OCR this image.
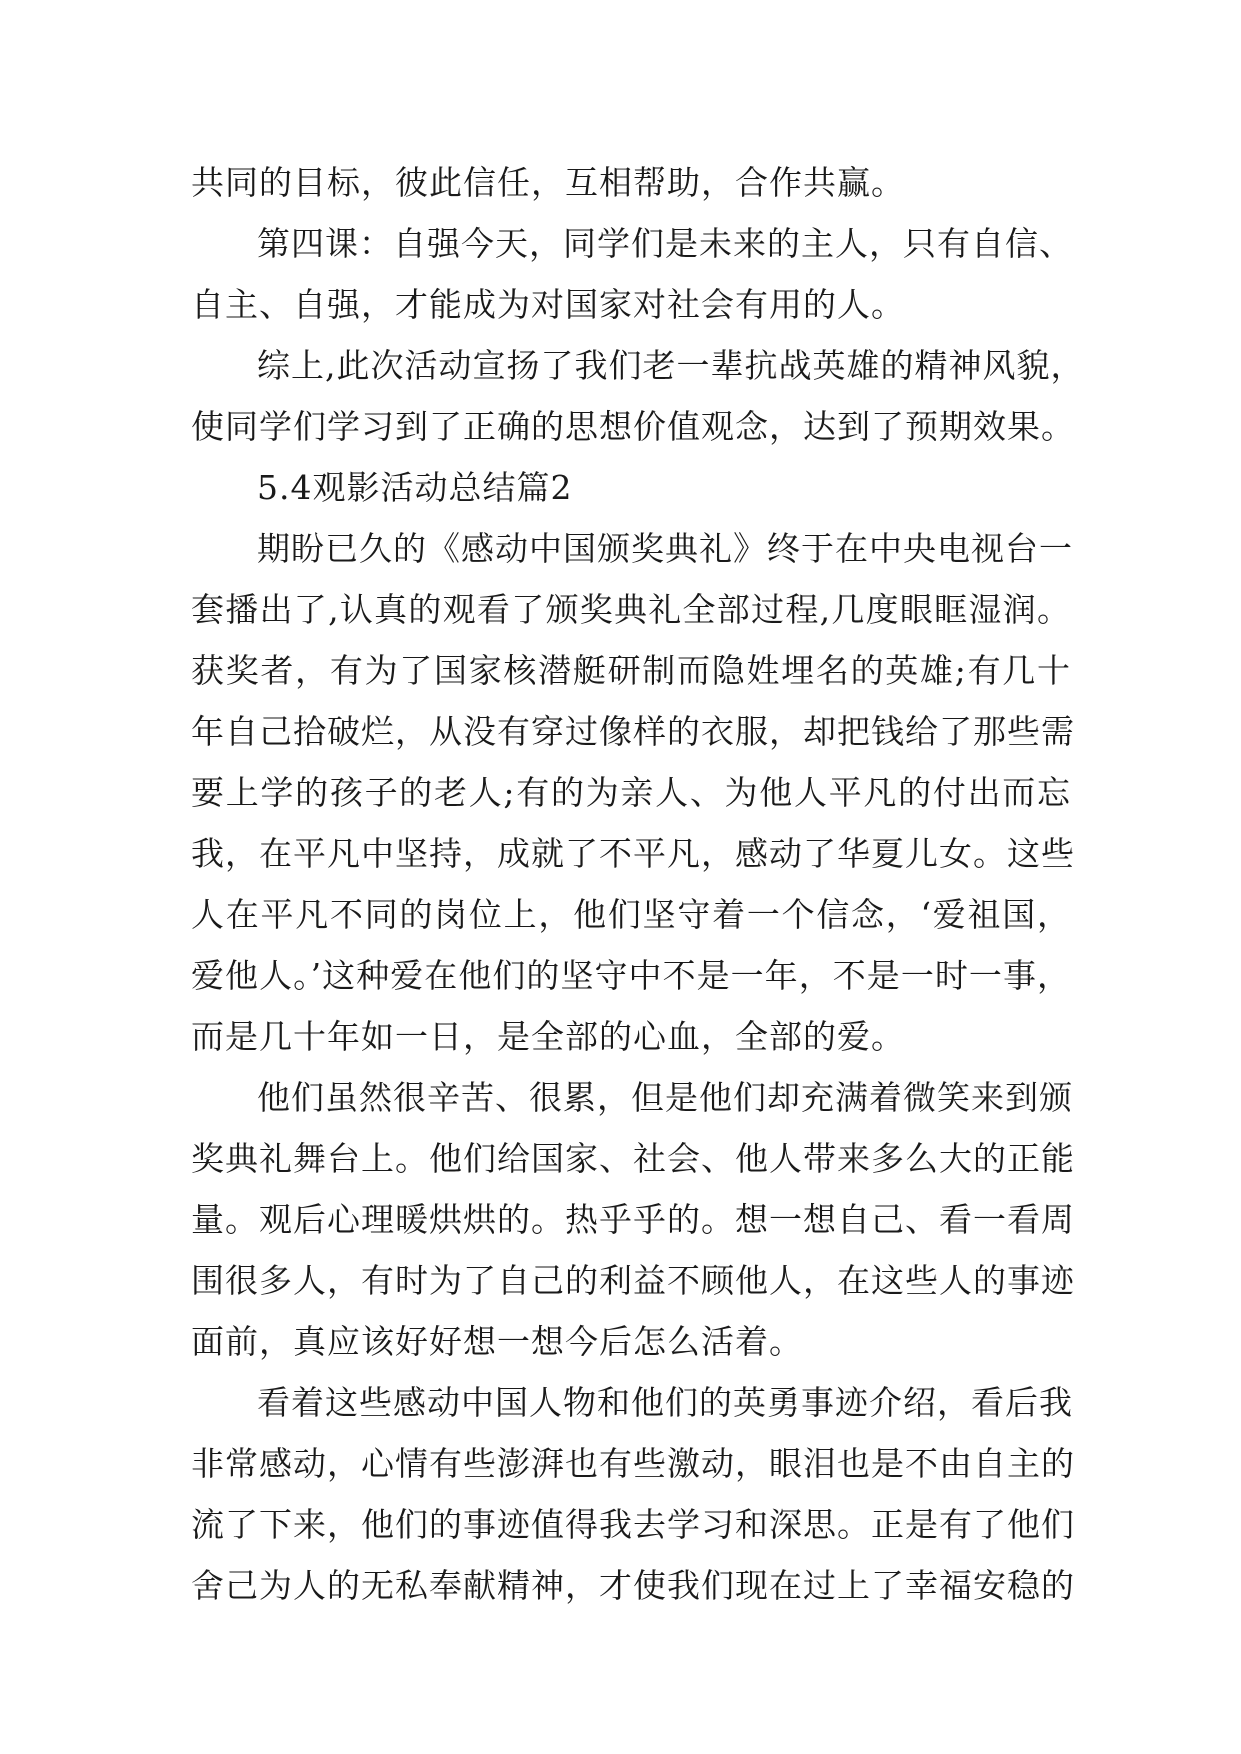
共同的目标，彼此信任，互相帮助，合作共赢。
第四课：自强今天，同学们是未来的主人，只有自信、
自主、自强，才能成为对国家对社会有用的人。
综上,此次活动宣扬了我们老一辈抗战英雄的精神风貌，
使同学们学习到了正确的思想价值观念，达到了预期效果。
5.4观影活动总结篇2
期盼已久的《感动中国颁奖典礼》终于在中央电视台一
套播出了,认真的观看了颁奖典礼全部过程,几度眼眶湿润。
获奖者，有为了国家核潜艇研制而隐姓埋名的英雄;有几十
年自己拾破烂，从没有穿过像样的衣服，却把钱给了那些需
要上学的孩子的老人;有的为亲人、为他人平凡的付出而忘
我，在平凡中坚持，成就了不平凡，感动了华夏儿女。这些
人在平凡不同的岗位上，他们坚守着一个信念，‘爱祖国，
爱他人。’这种爱在他们的坚守中不是一年，不是一时一事，
而是几十年如一日，是全部的心血，全部的爱。
他们虽然很辛苦、很累，但是他们却充满着微笑来到颁
奖典礼舞台上。他们给国家、社会、他人带来多么大的正能
量。观后心理暖烘烘的。热乎乎的。想一想自己、看一看周
围很多人，有时为了自己的利益不顾他人，在这些人的事迹
面前，真应该好好想一想今后怎么活着。
看着这些感动中国人物和他们的英勇事迹介绍，看后我
非常感动，心情有些澎湃也有些激动，眼泪也是不由自主的
流了下来，他们的事迹值得我去学习和深思。正是有了他们
舍己为人的无私奉献精神，才使我们现在过上了幸福安稳的
